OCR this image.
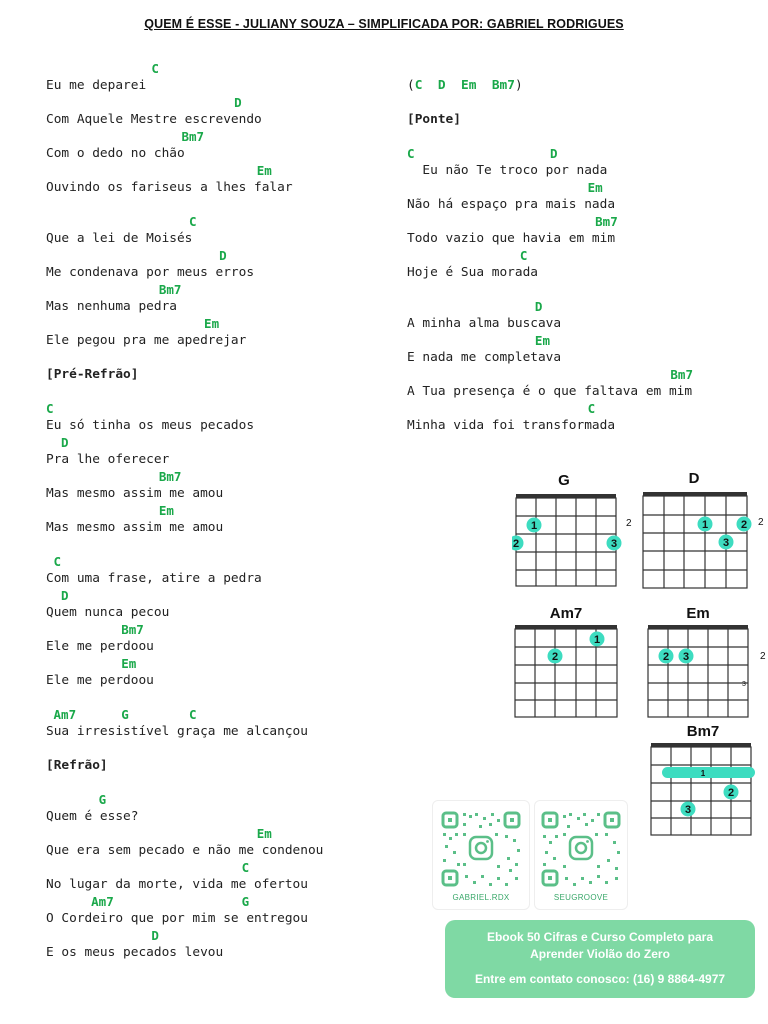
QUEM É ESSE - JULIANY SOUZA – SIMPLIFICADA POR: GABRIEL RODRIGUES
C
Eu me deparei
D
Com Aquele Mestre escrevendo
Bm7
Com o dedo no chão
Em
Ouvindo os fariseus a lhes falar
C
Que a lei de Moisés
D
Me condenava por meus erros
Bm7
Mas nenhuma pedra
Em
Ele pegou pra me apedrejar
[Pré-Refrão]
C
Eu só tinha os meus pecados
D
Pra lhe oferecer
Bm7
Mas mesmo assim me amou
Em
Mas mesmo assim me amou
C
Com uma frase, atire a pedra
D
Quem nunca pecou
Bm7
Ele me perdoou
Em
Ele me perdoou
Am7      G        C
Sua irresistível graça me alcançou
[Refrão]
G
Quem é esse?
Em
Que era sem pecado e não me condenou
C
No lugar da morte, vida me ofertou
Am7                 G
O Cordeiro que por mim se entregou
D
E os meus pecados levou
(C D Em Bm7)
[Ponte]
C                  D
Eu não Te troco por nada
Em
Não há espaço pra mais nada
Bm7
Todo vazio que havia em mim
C
Hoje é Sua morada
D
A minha alma buscava
Em
E nada me completava
Bm7
A Tua presença é o que faltava em mim
C
Minha vida foi transformada
G
1
2	3
2
D
1	2
3
2
Am7
1
2
Em
2 3	2
3
Bm7
1
2
3
GABRIEL.RDX	SEUGROOVE
Ebook 50 Cifras e Curso Completo para
Aprender Violão do Zero
Entre em contato conosco: (16) 9 8864-4977
